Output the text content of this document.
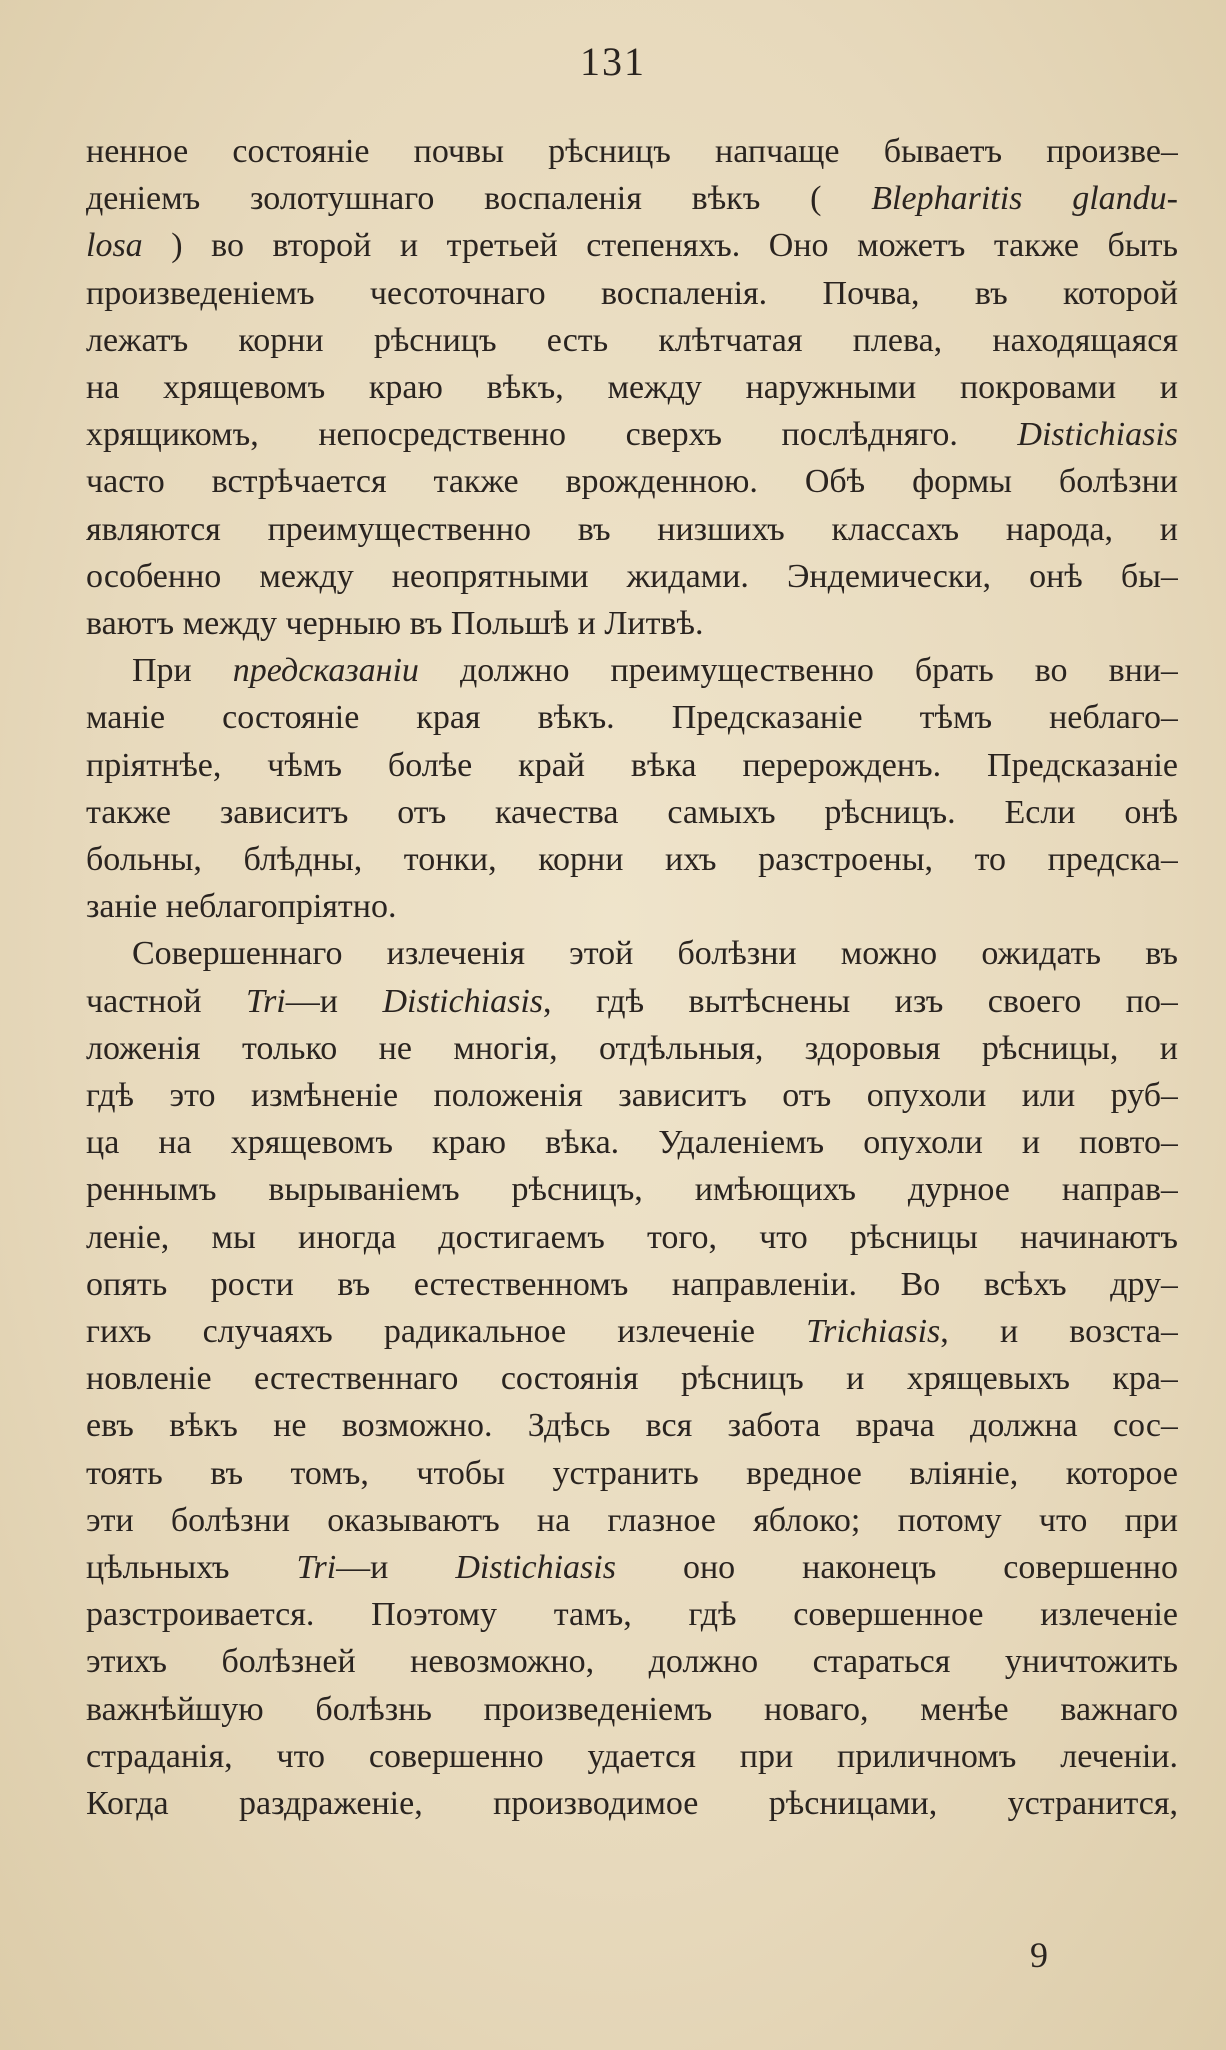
131
ненное состояніе почвы рѣсницъ напчаще бываетъ произве–
деніемъ золотушнаго воспаленія вѣкъ ( Blepharitis glandu-
losa ) во второй и третьей степеняхъ. Оно можетъ также быть
произведеніемъ чесоточнаго воспаленія. Почва, въ которой
лежатъ корни рѣсницъ есть клѣтчатая плева, находящаяся
на хрящевомъ краю вѣкъ, между наружными покровами и
хрящикомъ, непосредственно сверхъ послѣдняго. Distichiasis
часто встрѣчается также врожденною. Обѣ формы болѣзни
являются преимущественно въ низшихъ классахъ народа, и
особенно между неопрятными жидами. Эндемически, онѣ бы–
ваютъ между черныю въ Польшѣ и Литвѣ.
При предсказаніи должно преимущественно брать во вни–
маніе состояніе края вѣкъ. Предсказаніе тѣмъ неблаго–
пріятнѣе, чѣмъ болѣе край вѣка перерожденъ. Предсказаніе
также зависитъ отъ качества самыхъ рѣсницъ. Если онѣ
больны, блѣдны, тонки, корни ихъ разстроены, то предска–
заніе неблагопріятно.
Совершеннаго излеченія этой болѣзни можно ожидать въ
частной Tri—и Distichiasis, гдѣ вытѣснены изъ своего по–
ложенія только не многія, отдѣльныя, здоровыя рѣсницы, и
гдѣ это измѣненіе положенія зависитъ отъ опухоли или руб–
ца на хрящевомъ краю вѣка. Удаленіемъ опухоли и повто–
реннымъ вырываніемъ рѣсницъ, имѣющихъ дурное направ–
леніе, мы иногда достигаемъ того, что рѣсницы начинаютъ
опять рости въ естественномъ направленіи. Во всѣхъ дру–
гихъ случаяхъ радикальное излеченіе Trichiasis, и возста–
новленіе естественнаго состоянія рѣсницъ и хрящевыхъ кра–
евъ вѣкъ не возможно. Здѣсь вся забота врача должна сос–
тоять въ томъ, чтобы устранить вредное вліяніе, которое
эти болѣзни оказываютъ на глазное яблоко; потому что при
цѣльныхъ Tri—и Distichiasis оно наконецъ совершенно
разстроивается. Поэтому тамъ, гдѣ совершенное излеченіе
этихъ болѣзней невозможно, должно стараться уничтожить
важнѣйшую болѣзнь произведеніемъ новаго, менѣе важнаго
страданія, что совершенно удается при приличномъ леченіи.
Когда раздраженіе, производимое рѣсницами, устранится,
9
